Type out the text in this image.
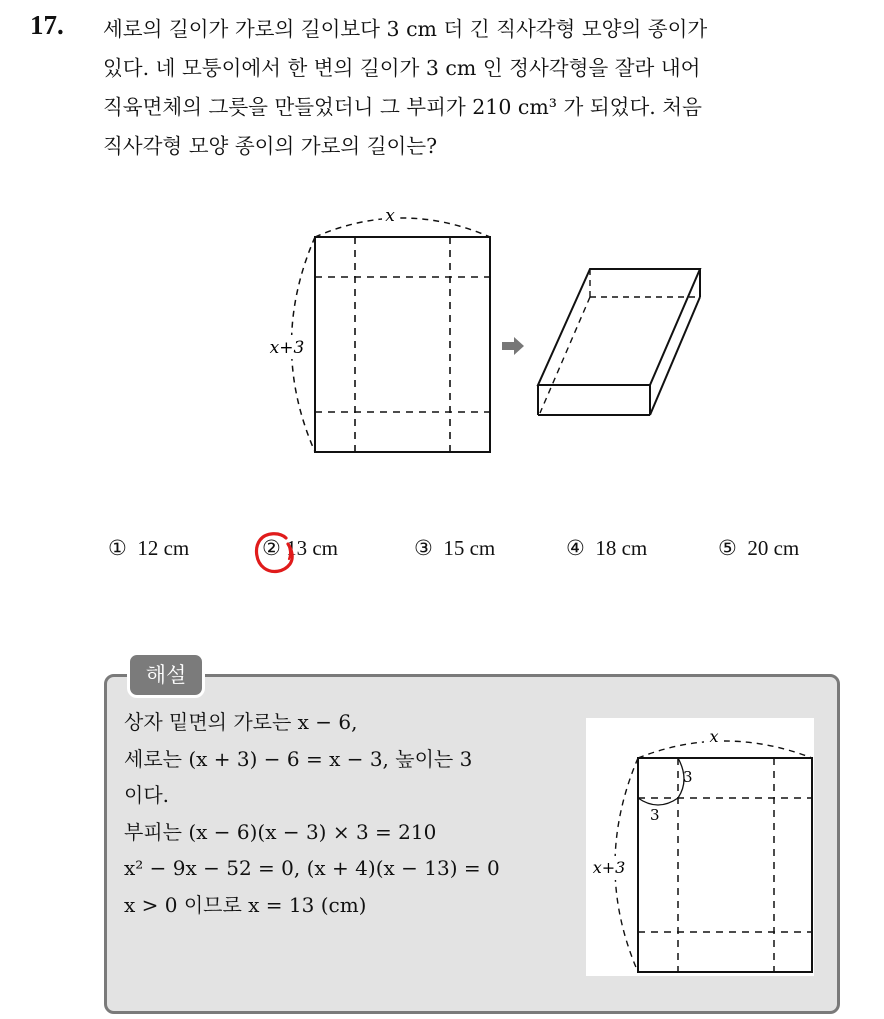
17. 세로의 길이가 가로의 길이보다 3 cm 더 긴 직사각형 모양의 종이가
있다. 네 모퉁이에서 한 변의 길이가 3 cm 인 정사각형을 잘라 내어
직육면체의 그릇을 만들었더니 그 부피가 210 cm³ 가 되었다. 처음
직사각형 모양 종이의 가로의 길이는?
x
x+3
① 12 cm	② 13 cm	③ 15 cm	④ 18 cm	⑤ 20 cm
해설
상자 밑면의 가로는 x − 6,
세로는 (x + 3) − 6 = x − 3, 높이는 3
이다.
부피는 (x − 6)(x − 3) × 3 = 210
x² − 9x − 52 = 0, (x + 4)(x − 13) = 0
x > 0 이므로 x = 13 (cm)
x
x+3
3
3
